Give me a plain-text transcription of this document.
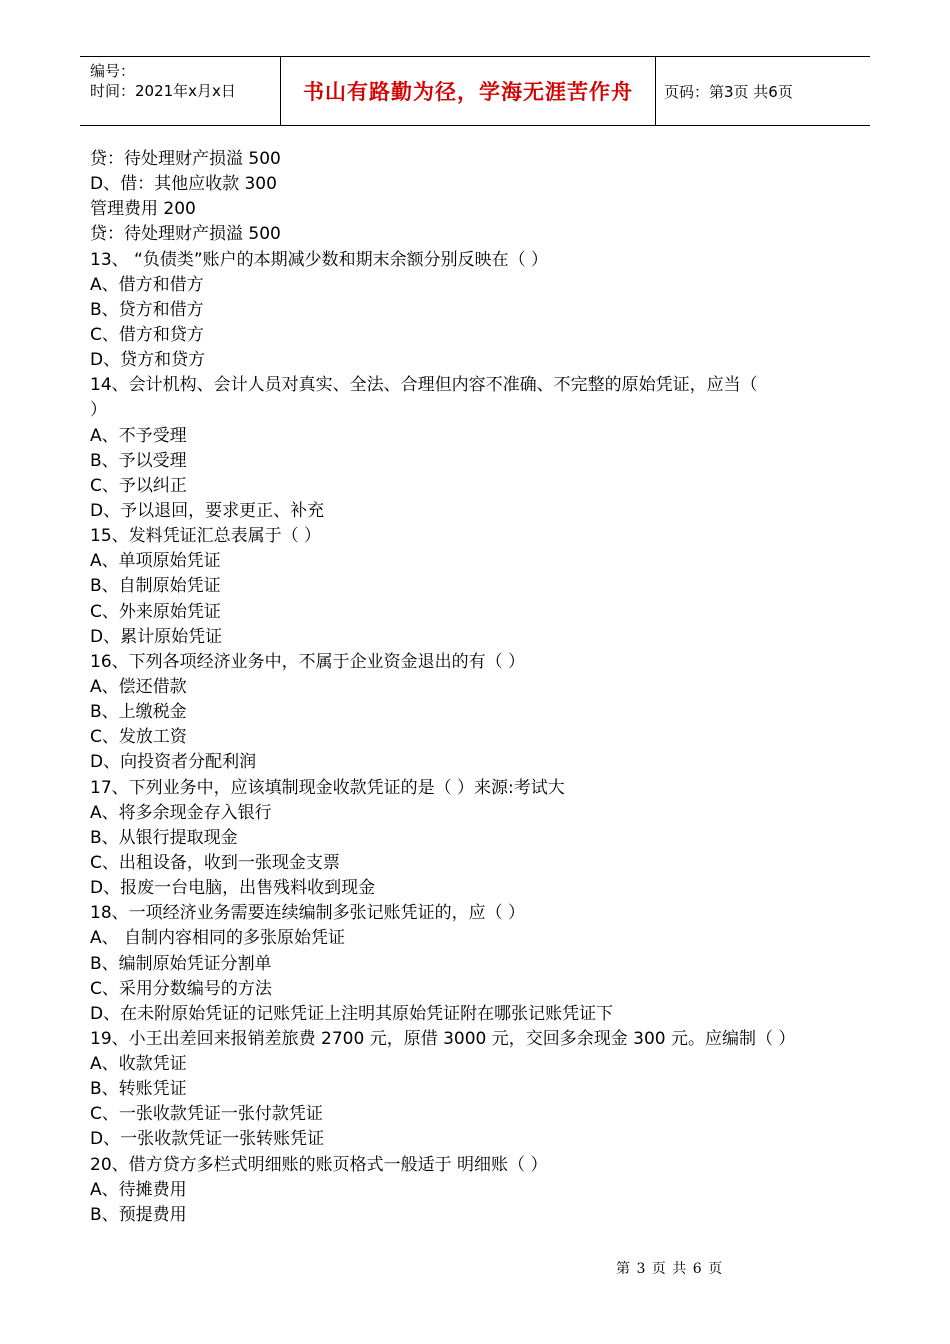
编号：
时间：2021年x月x日	书山有路勤为径，学海无涯苦作舟	页码：第3页 共6页
贷：待处理财产损溢 500
D、借：其他应收款 300
管理费用 200
贷：待处理财产损溢 500
13、 “负债类”账户的本期减少数和期末余额分别反映在（ ）
A、借方和借方
B、贷方和借方
C、借方和贷方
D、贷方和贷方
14、会计机构、会计人员对真实、全法、合理但内容不准确、不完整的原始凭证，应当（
）
A、不予受理
B、予以受理
C、予以纠正
D、予以退回，要求更正、补充
15、发料凭证汇总表属于（ ）
A、单项原始凭证
B、自制原始凭证
C、外来原始凭证
D、累计原始凭证
16、下列各项经济业务中，不属于企业资金退出的有（ ）
A、偿还借款
B、上缴税金
C、发放工资
D、向投资者分配利润
17、下列业务中，应该填制现金收款凭证的是（ ）来源:考试大
A、将多余现金存入银行
B、从银行提取现金
C、出租设备，收到一张现金支票
D、报废一台电脑，出售残料收到现金
18、一项经济业务需要连续编制多张记账凭证的，应（ ）
A、 自制内容相同的多张原始凭证
B、编制原始凭证分割单
C、采用分数编号的方法
D、在未附原始凭证的记账凭证上注明其原始凭证附在哪张记账凭证下
19、小王出差回来报销差旅费 2700 元，原借 3000 元，交回多余现金 300 元。应编制（ ）
A、收款凭证
B、转账凭证
C、一张收款凭证一张付款凭证
D、一张收款凭证一张转账凭证
20、借方贷方多栏式明细账的账页格式一般适于 明细账（ ）
A、待摊费用
B、预提费用
第 3 页 共 6 页
